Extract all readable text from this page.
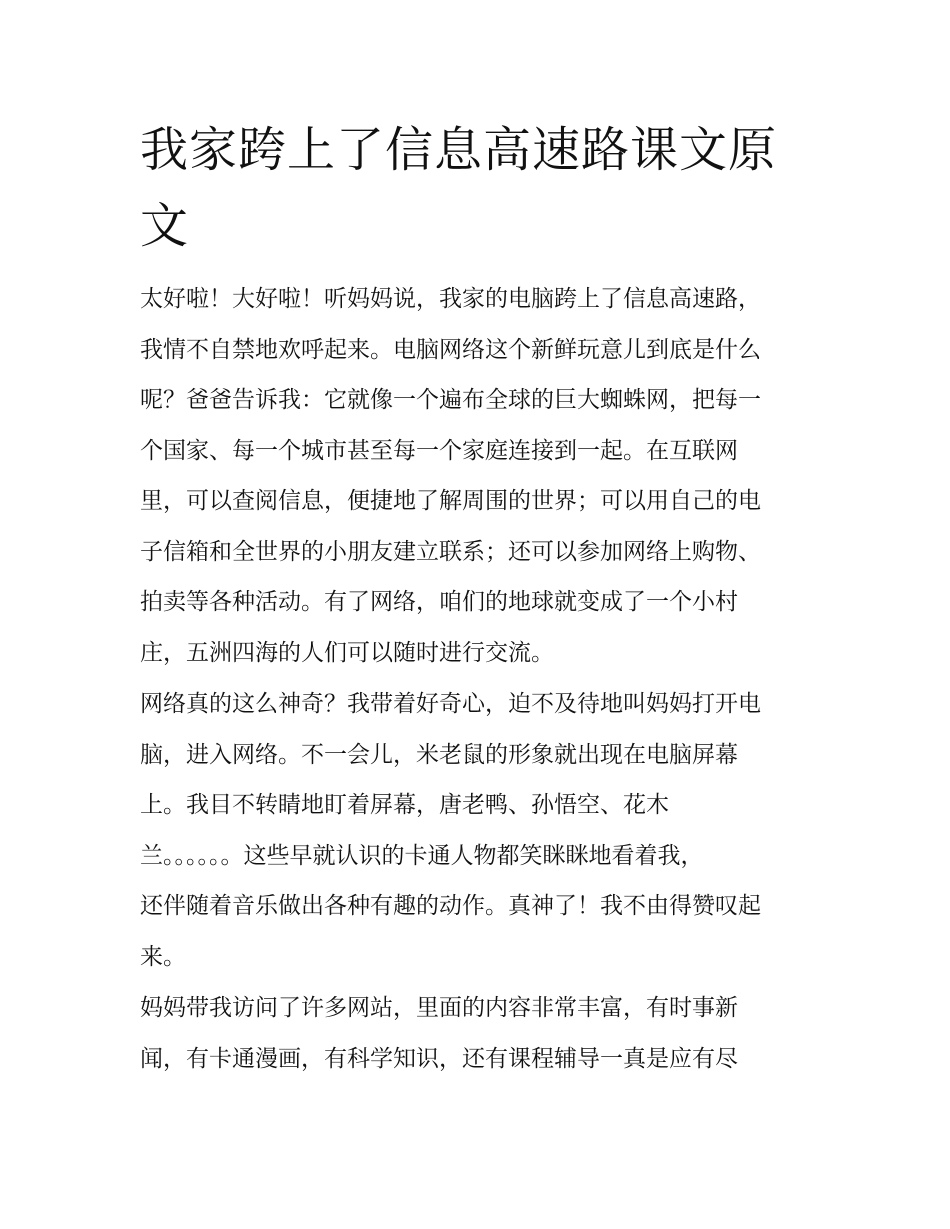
我家跨上了信息高速路课文原
文

太好啦！大好啦！听妈妈说，我家的电脑跨上了信息高速路，
我情不自禁地欢呼起来。电脑网络这个新鲜玩意儿到底是什么
呢？爸爸告诉我：它就像一个遍布全球的巨大蜘蛛网，把每一
个国家、每一个城市甚至每一个家庭连接到一起。在互联网
里，可以查阅信息，便捷地了解周围的世界；可以用自己的电
子信箱和全世界的小朋友建立联系；还可以参加网络上购物、
拍卖等各种活动。有了网络，咱们的地球就变成了一个小村
庄，五洲四海的人们可以随时进行交流。

网络真的这么神奇？我带着好奇心，迫不及待地叫妈妈打开电
脑，进入网络。不一会儿，米老鼠的形象就出现在电脑屏幕
上。我目不转睛地盯着屏幕，唐老鸭、孙悟空、花木
兰。。。。。。这些早就认识的卡通人物都笑眯眯地看着我，
还伴随着音乐做出各种有趣的动作。真神了！我不由得赞叹起
来。

妈妈带我访问了许多网站，里面的内容非常丰富，有时事新
闻，有卡通漫画，有科学知识，还有课程辅导一真是应有尽
